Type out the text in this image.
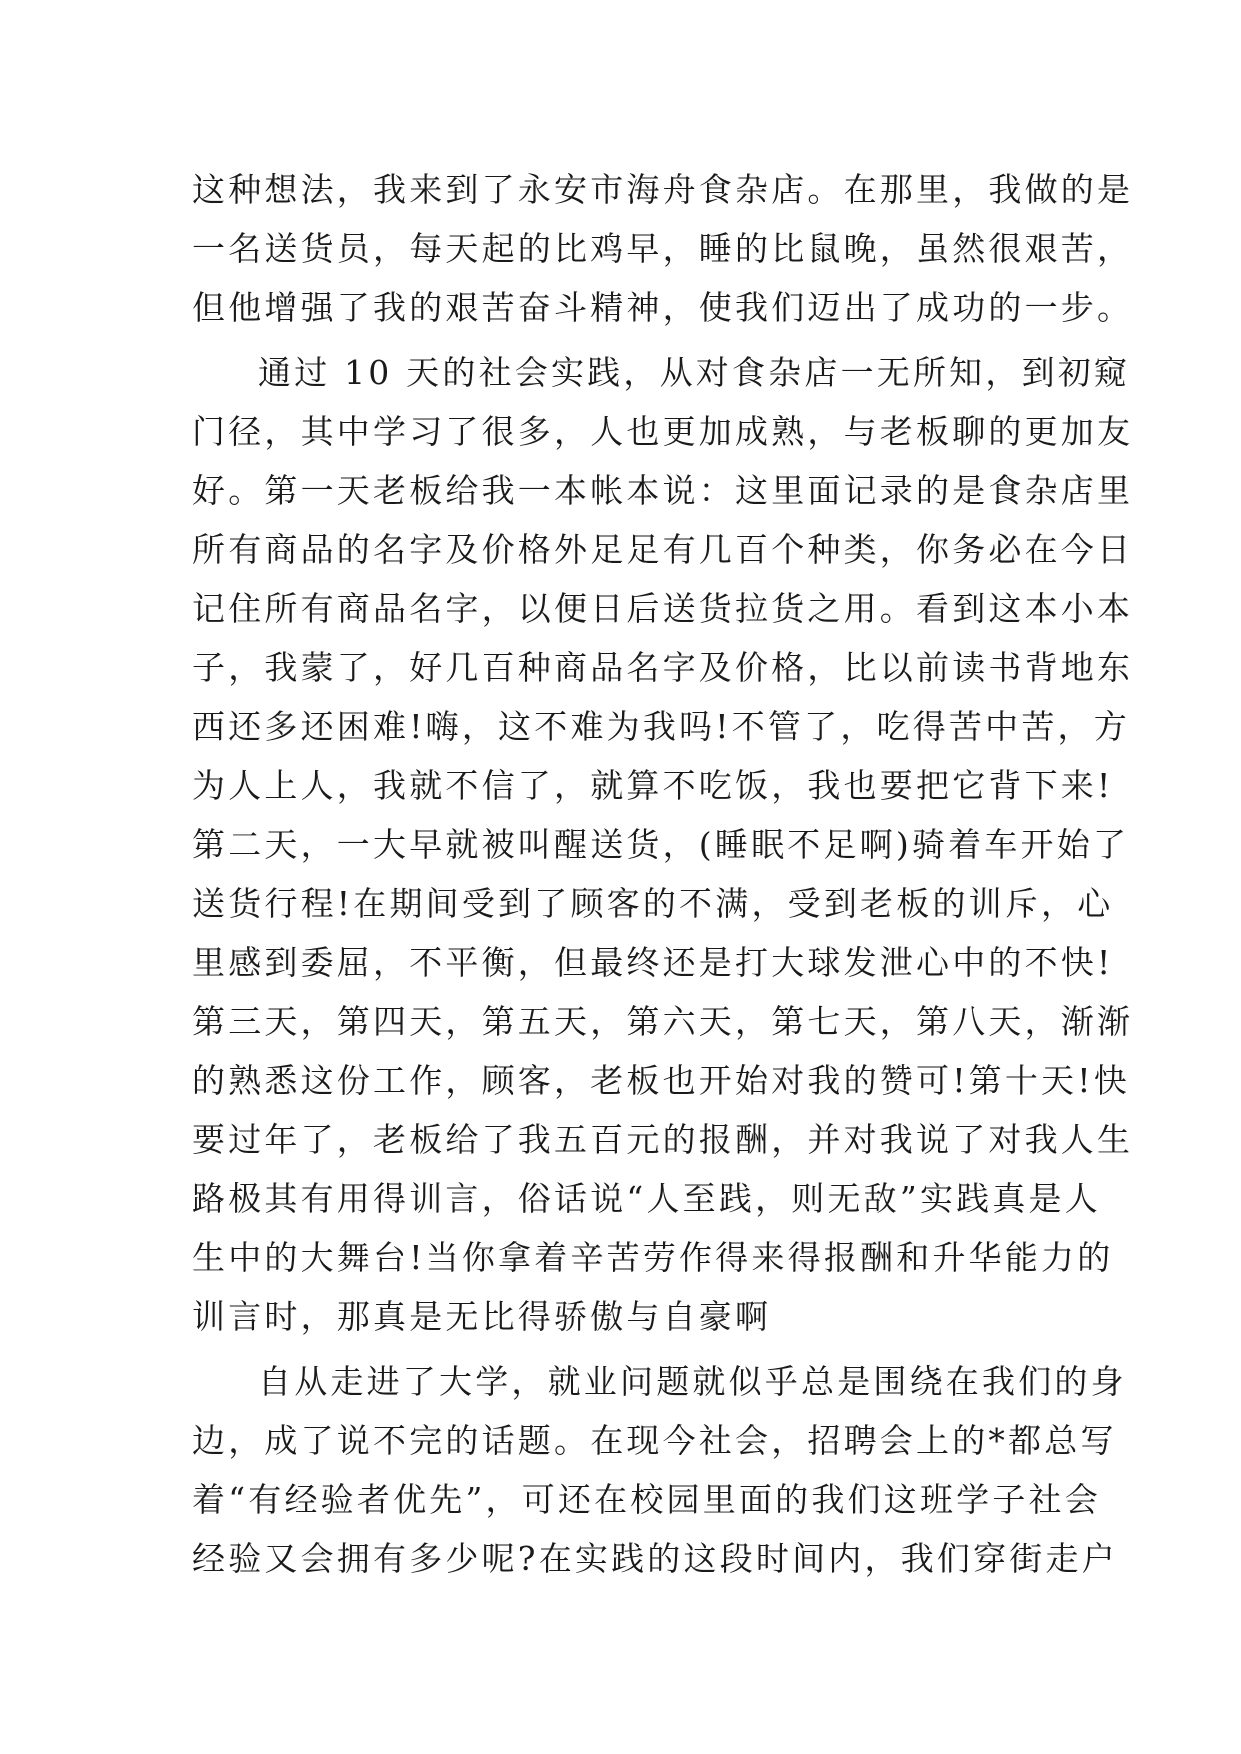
这种想法，我来到了永安市海舟食杂店。在那里，我做的是
一名送货员，每天起的比鸡早，睡的比鼠晚，虽然很艰苦，
但他增强了我的艰苦奋斗精神，使我们迈出了成功的一步。
通过 10 天的社会实践，从对食杂店一无所知，到初窥
门径，其中学习了很多，人也更加成熟，与老板聊的更加友
好。第一天老板给我一本帐本说：这里面记录的是食杂店里
所有商品的名字及价格外足足有几百个种类，你务必在今日
记住所有商品名字，以便日后送货拉货之用。看到这本小本
子，我蒙了，好几百种商品名字及价格，比以前读书背地东
西还多还困难!嗨，这不难为我吗!不管了，吃得苦中苦，方
为人上人，我就不信了，就算不吃饭，我也要把它背下来!
第二天，一大早就被叫醒送货，(睡眠不足啊)骑着车开始了
送货行程!在期间受到了顾客的不满，受到老板的训斥，心
里感到委屈，不平衡，但最终还是打大球发泄心中的不快!
第三天，第四天，第五天，第六天，第七天，第八天，渐渐
的熟悉这份工作，顾客，老板也开始对我的赞可!第十天!快
要过年了，老板给了我五百元的报酬，并对我说了对我人生
路极其有用得训言，俗话说“人至践，则无敌”实践真是人
生中的大舞台!当你拿着辛苦劳作得来得报酬和升华能力的
训言时，那真是无比得骄傲与自豪啊
自从走进了大学，就业问题就似乎总是围绕在我们的身
边，成了说不完的话题。在现今社会，招聘会上的*都总写
着“有经验者优先”，可还在校园里面的我们这班学子社会
经验又会拥有多少呢?在实践的这段时间内，我们穿街走户
